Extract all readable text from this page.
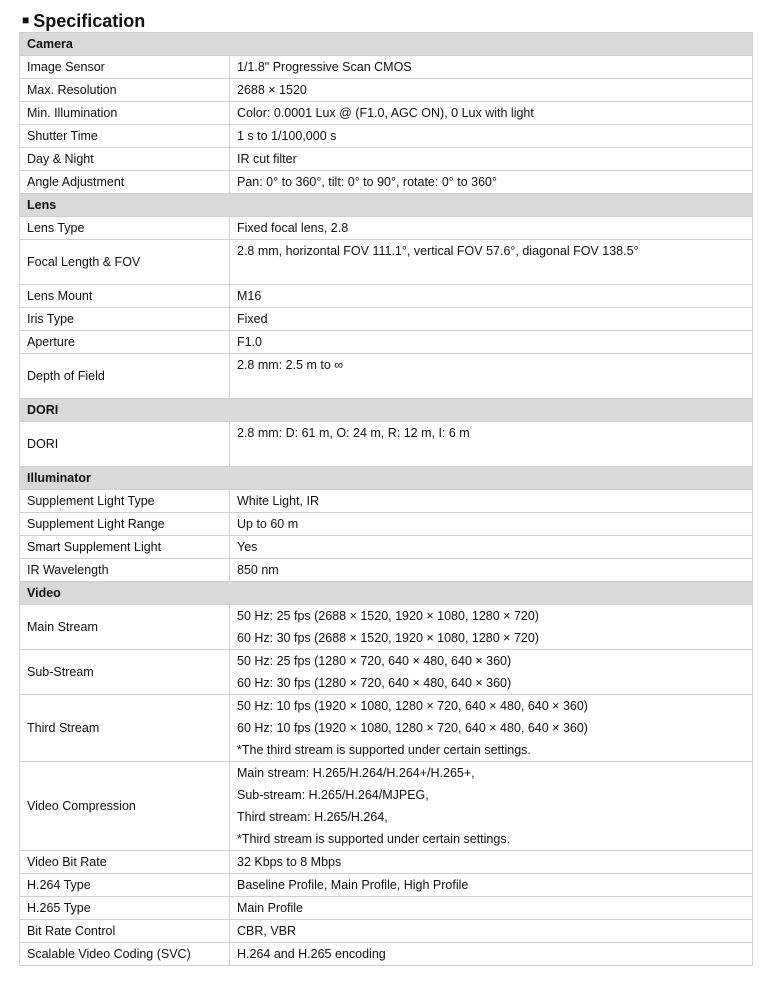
■ Specification
Camera	
Image Sensor	1/1.8" Progressive Scan CMOS

Max. Resolution	2688 × 1520

Min. Illumination	Color: 0.0001 Lux @ (F1.0, AGC ON), 0 Lux with light

Shutter Time	1 s to 1/100,000 s

Day & Night	IR cut filter

Angle Adjustment	Pan: 0° to 360°, tilt: 0° to 90°, rotate: 0° to 360°

Lens	
Lens Type	Fixed focal lens, 2.8

Focal Length & FOV	2.8 mm, horizontal FOV 111.1°, vertical FOV 57.6°, diagonal FOV 138.5°

Lens Mount	M16

Iris Type	Fixed

Aperture	F1.0

Depth of Field	2.8 mm: 2.5 m to ∞

DORI	
DORI	2.8 mm: D: 61 m, O: 24 m, R: 12 m, I: 6 m

Illuminator	
Supplement Light Type	White Light, IR

Supplement Light Range	Up to 60 m

Smart Supplement Light	Yes

IR Wavelength	850 nm

Video	
Main Stream	50 Hz: 25 fps (2688 × 1520, 1920 × 1080, 1280 × 720)
60 Hz: 30 fps (2688 × 1520, 1920 × 1080, 1280 × 720)

Sub-Stream	50 Hz: 25 fps (1280 × 720, 640 × 480, 640 × 360)
60 Hz: 30 fps (1280 × 720, 640 × 480, 640 × 360)

Third Stream	50 Hz: 10 fps (1920 × 1080, 1280 × 720, 640 × 480, 640 × 360)
60 Hz: 10 fps (1920 × 1080, 1280 × 720, 640 × 480, 640 × 360)
*The third stream is supported under certain settings.

Video Compression	Main stream: H.265/H.264/H.264+/H.265+,
Sub-stream: H.265/H.264/MJPEG,
Third stream: H.265/H.264,
*Third stream is supported under certain settings.

Video Bit Rate	32 Kbps to 8 Mbps

H.264 Type	Baseline Profile, Main Profile, High Profile

H.265 Type	Main Profile

Bit Rate Control	CBR, VBR

Scalable Video Coding (SVC)	H.264 and H.265 encoding
